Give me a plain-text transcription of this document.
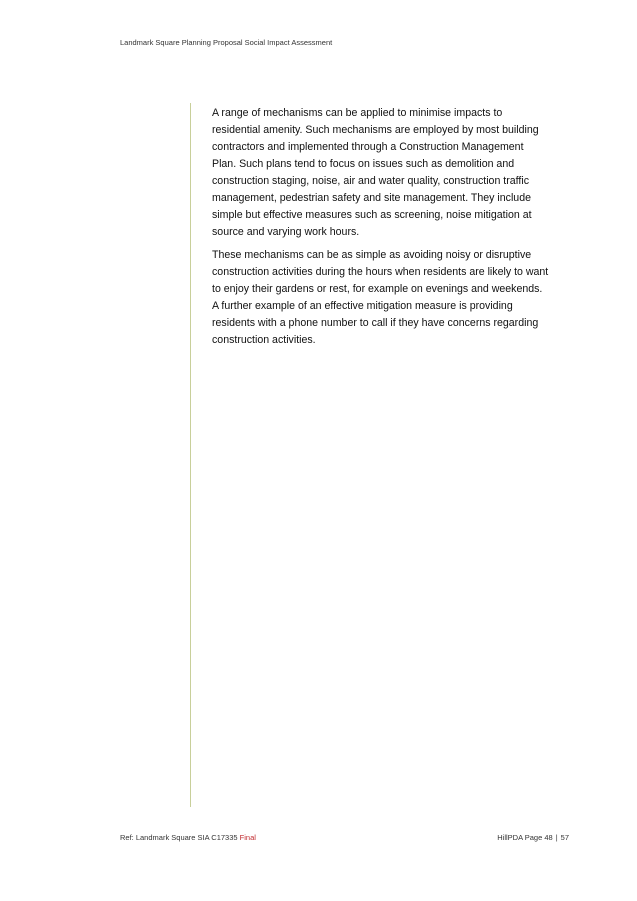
Landmark Square Planning Proposal Social Impact Assessment

A range of mechanisms can be applied to minimise impacts to residential amenity. Such mechanisms are employed by most building contractors and implemented through a Construction Management Plan. Such plans tend to focus on issues such as demolition and construction staging, noise, air and water quality, construction traffic management, pedestrian safety and site management. They include simple but effective measures such as screening, noise mitigation at source and varying work hours.

These mechanisms can be as simple as avoiding noisy or disruptive construction activities during the hours when residents are likely to want to enjoy their gardens or rest, for example on evenings and weekends. A further example of an effective mitigation measure is providing residents with a phone number to call if they have concerns regarding construction activities.

Ref: Landmark Square SIA C17335 Final	HillPDA Page 48 | 57
